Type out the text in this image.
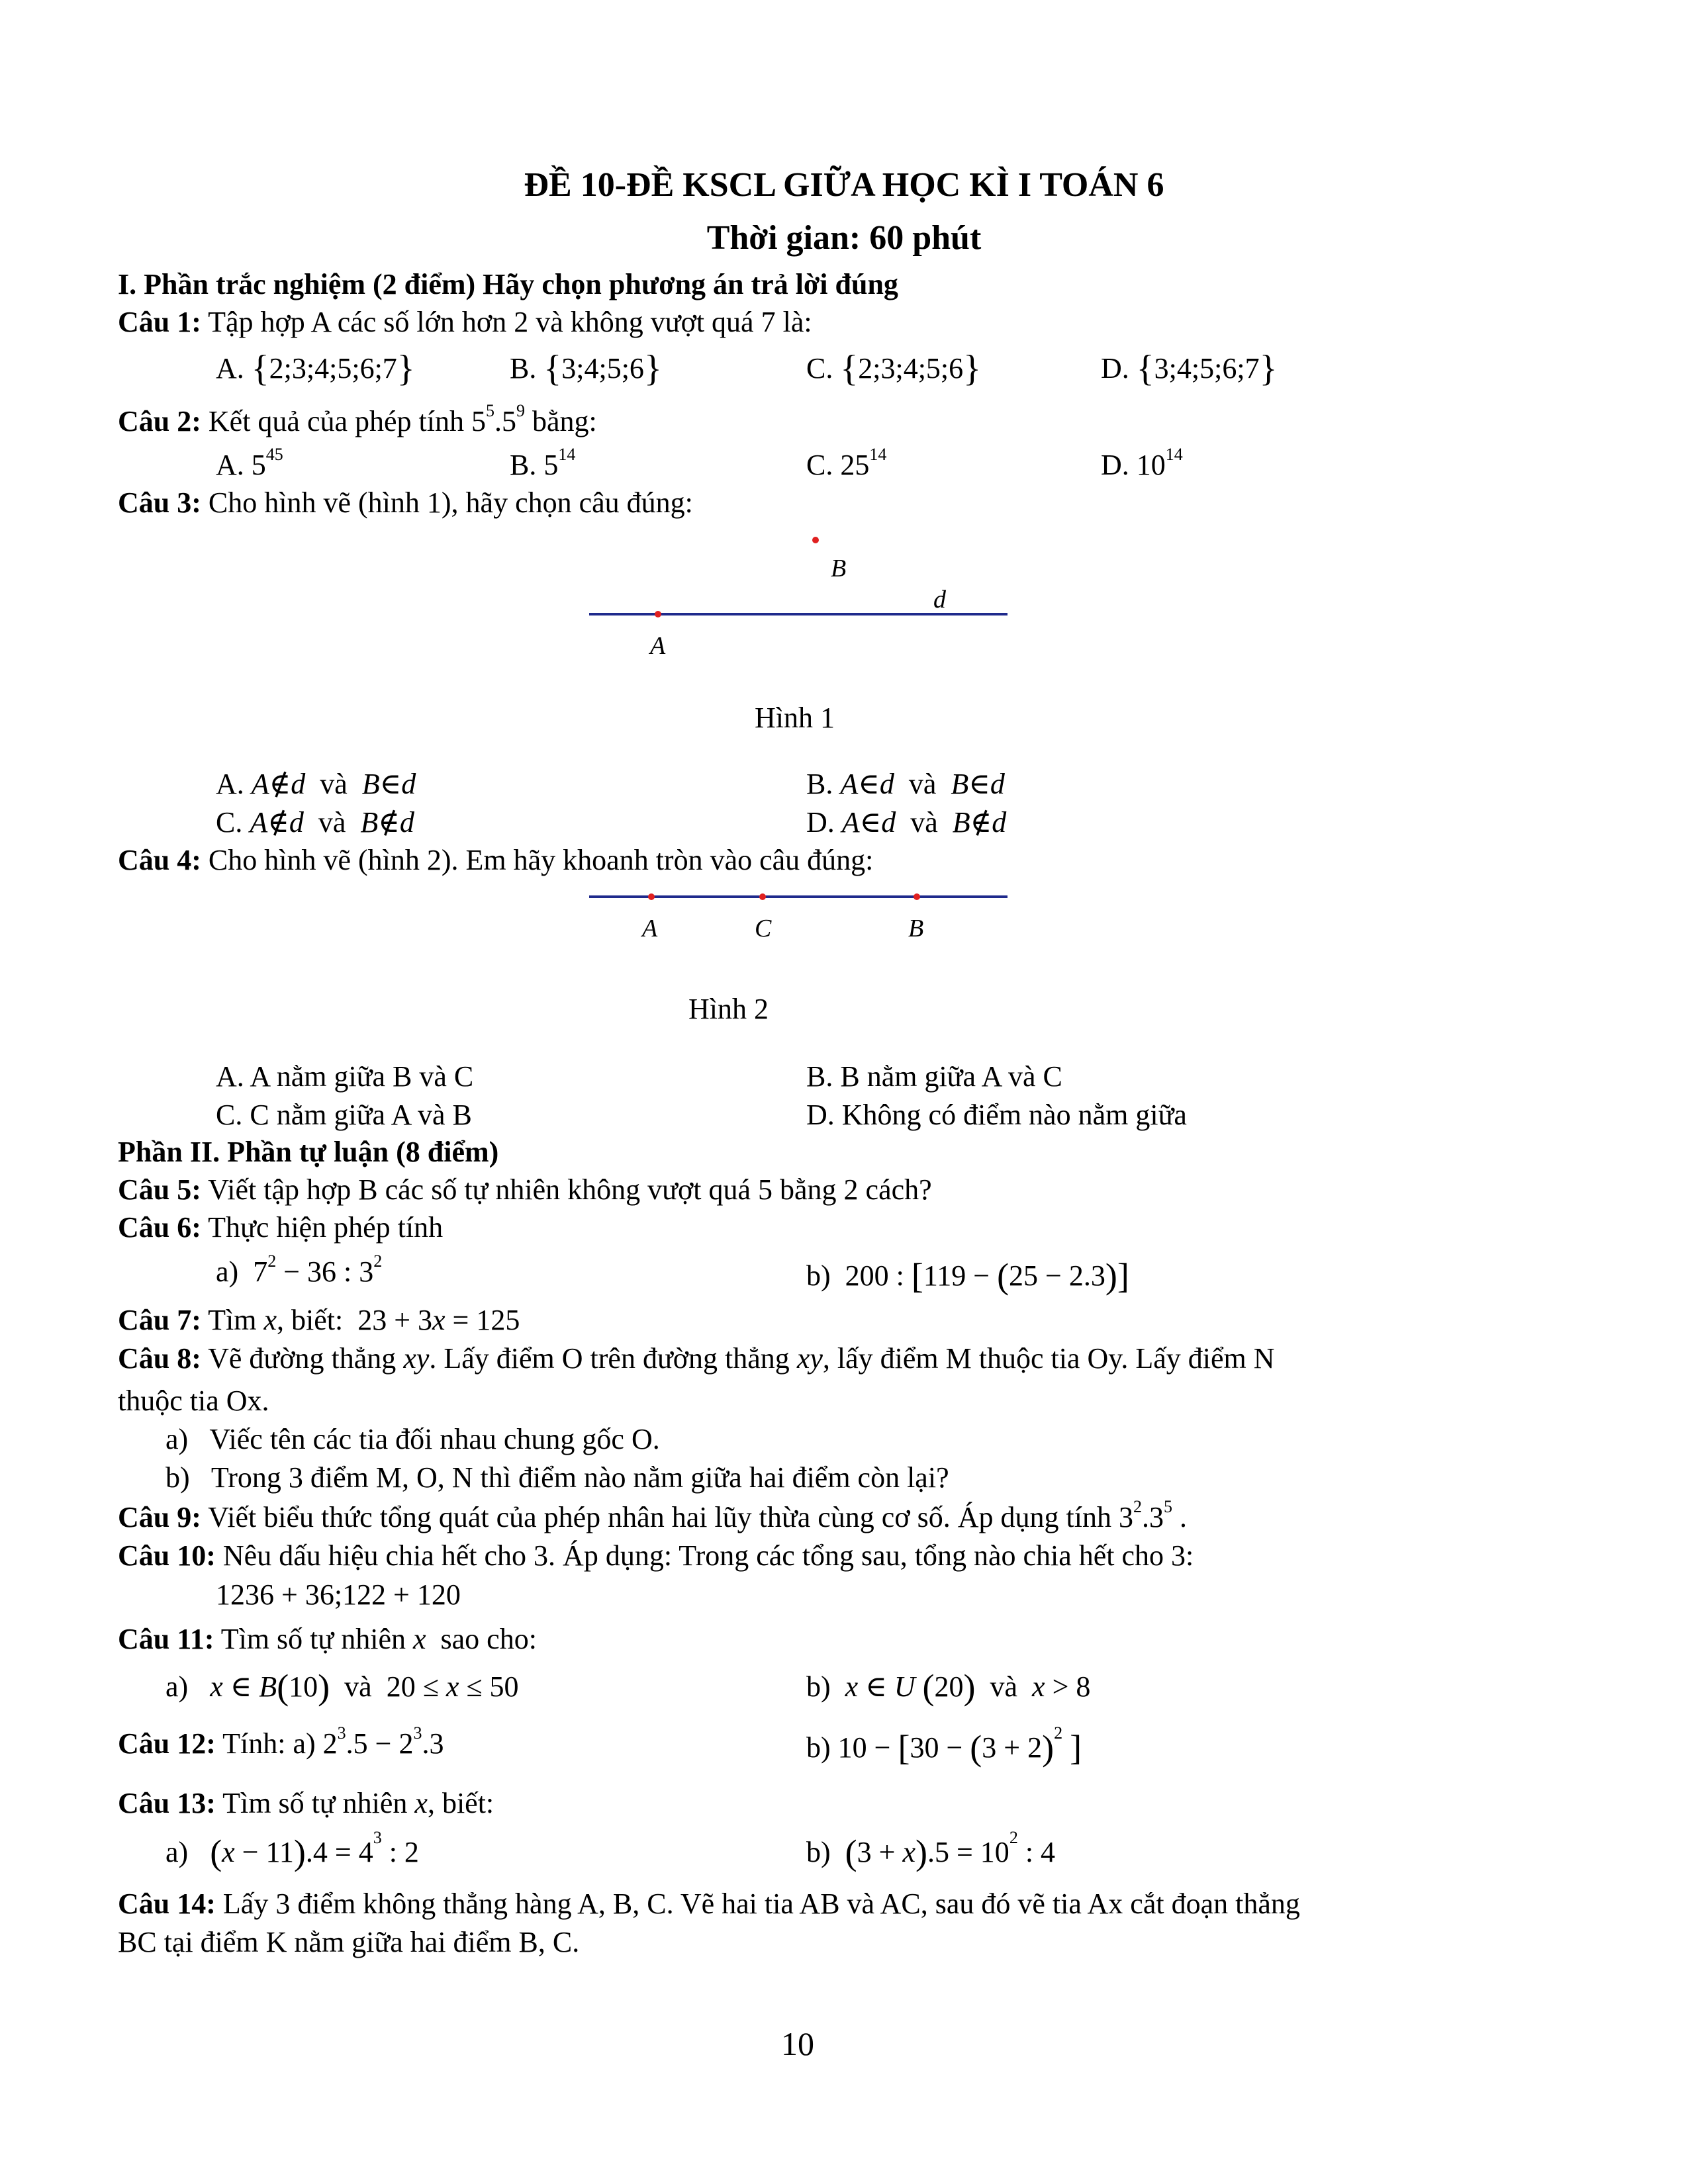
ĐỀ 10-ĐỀ KSCL GIỮA HỌC KÌ I TOÁN 6
Thời gian: 60 phút
I. Phần trắc nghiệm (2 điểm) Hãy chọn phương án trả lời đúng
Câu 1: Tập hợp A các số lớn hơn 2 và không vượt quá 7 là:
A. {2;3;4;5;6;7}	B. {3;4;5;6}	C. {2;3;4;5;6}	D. {3;4;5;6;7}
Câu 2: Kết quả của phép tính $5^5.5^9$ bằng:
A. $5^{45}$	B. $5^{14}$	C. $25^{14}$	D. $10^{14}$
Câu 3: Cho hình vẽ (hình 1), hãy chọn câu đúng:
B
d
A
Hình 1
A. A∉d và B∈d	B. A∈d và B∈d
C. A∉d và B∉d	D. A∈d và B∉d
Câu 4: Cho hình vẽ (hình 2). Em hãy khoanh tròn vào câu đúng:
A	C	B
Hình 2
A. A nằm giữa B và C	B. B nằm giữa A và C
C. C nằm giữa A và B	D. Không có điểm nào nằm giữa
Phần II. Phần tự luận (8 điểm)
Câu 5: Viết tập hợp B các số tự nhiên không vượt quá 5 bằng 2 cách?
Câu 6: Thực hiện phép tính
a)  $7^2 - 36$ : $3^2$	b)  200 : [119 − (25 − 2.3)]
Câu 7: Tìm x, biết:  23 + 3x = 125
Câu 8: Vẽ đường thẳng xy. Lấy điểm O trên đường thẳng xy, lấy điểm M thuộc tia Oy. Lấy điểm N
thuộc tia Ox.
a) Viếc tên các tia đối nhau chung gốc O.
b) Trong 3 điểm M, O, N thì điểm nào nằm giữa hai điểm còn lại?
Câu 9: Viết biểu thức tổng quát của phép nhân hai lũy thừa cùng cơ số. Áp dụng tính $3^2.3^5$ .
Câu 10: Nêu dấu hiệu chia hết cho 3. Áp dụng: Trong các tổng sau, tổng nào chia hết cho 3:
1236 + 36;122 + 120
Câu 11: Tìm số tự nhiên x sao cho:
a) x ∈ B(10) và  20 ≤ x ≤ 50	b) x ∈ U (20) và x > 8
Câu 12: Tính: a) $2^3.5 - 2^3.3$	b) $10 - [30 - (3 + 2)^2$ ]
Câu 13: Tìm số tự nhiên x, biết:
a) $(x - 11).4 = 4^3$ : 2	b) $(3 + x).5 = 10^2$ : 4
Câu 14: Lấy 3 điểm không thẳng hàng A, B, C. Vẽ hai tia AB và AC, sau đó vẽ tia Ax cắt đoạn thẳng
BC tại điểm K nằm giữa hai điểm B, C.
10
